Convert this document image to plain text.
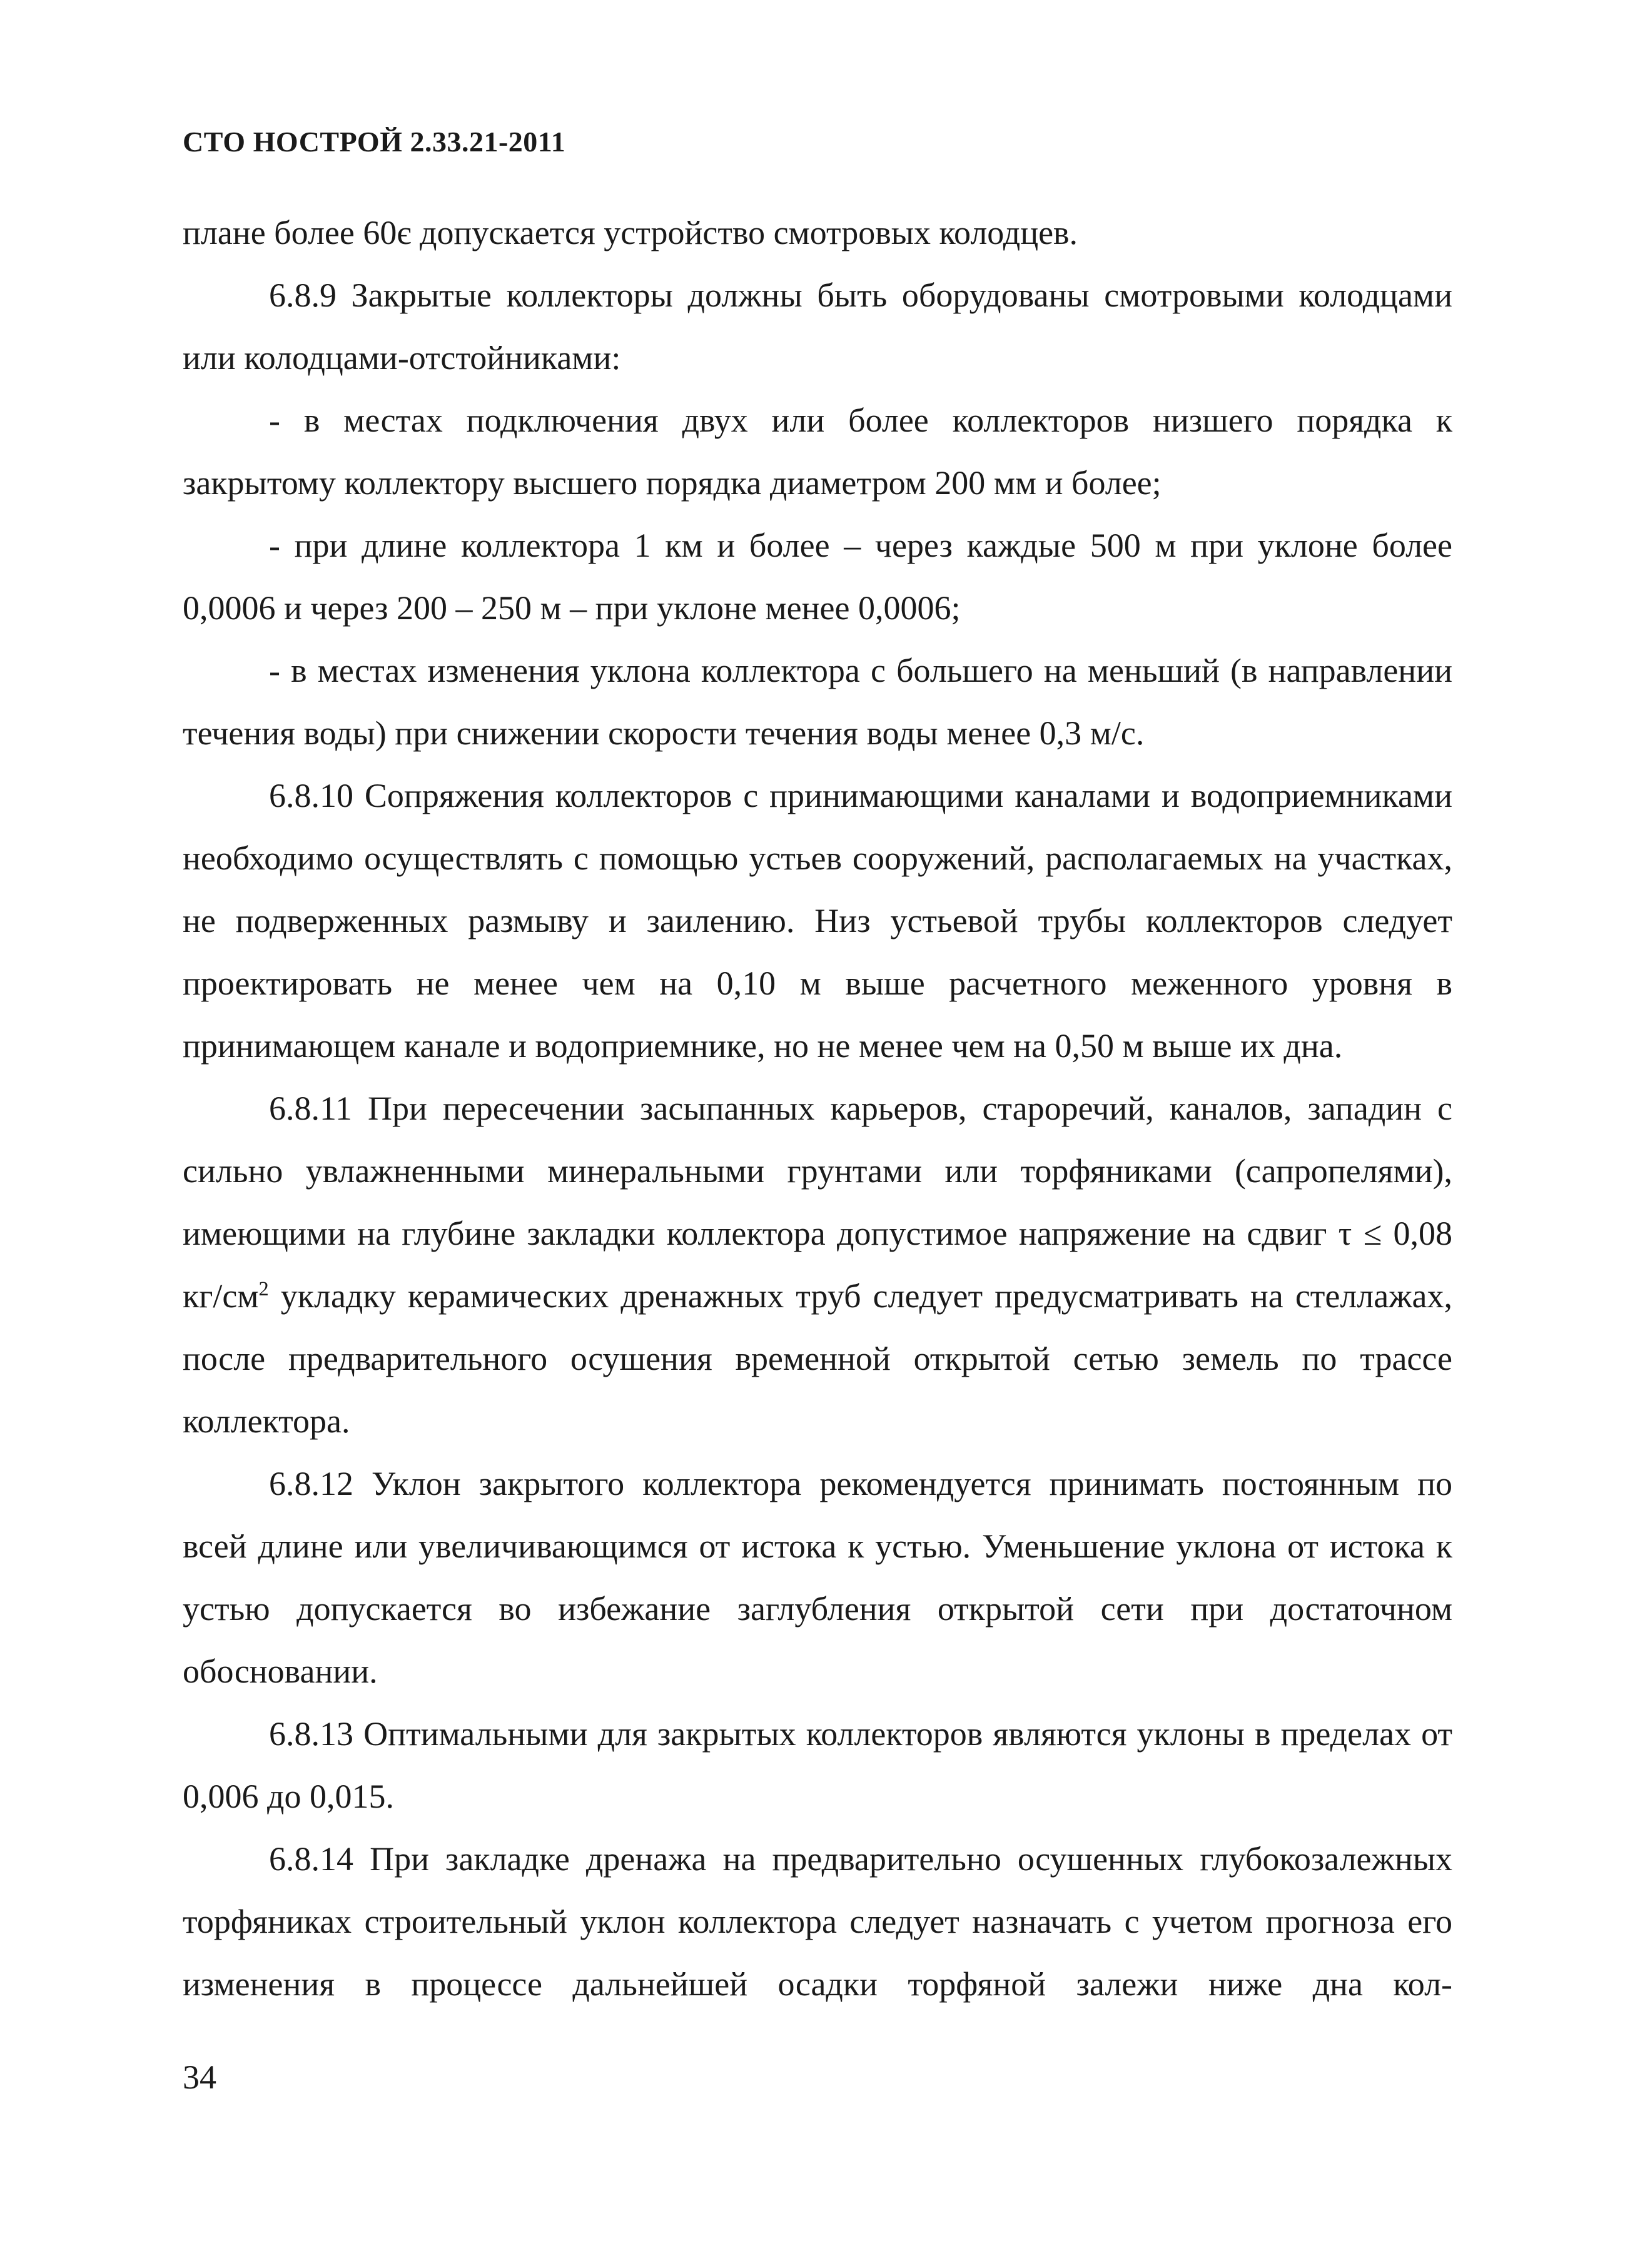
СТО НОСТРОЙ 2.33.21-2011

плане более 60є допускается устройство смотровых колодцев.

6.8.9 Закрытые коллекторы должны быть оборудованы смотровыми колодцами или колодцами-отстойниками:

- в местах подключения двух или более коллекторов низшего порядка к закрытому коллектору высшего порядка диаметром 200 мм и более;

- при длине коллектора 1 км и более – через каждые 500 м при уклоне более 0,0006 и через 200 – 250 м – при уклоне менее 0,0006;

- в местах изменения уклона коллектора с большего на меньший (в направлении течения воды) при снижении скорости течения воды менее 0,3 м/с.

6.8.10 Сопряжения коллекторов с принимающими каналами и водоприемниками необходимо осуществлять с помощью устьев сооружений, располагаемых на участках, не подверженных размыву и заилению. Низ устьевой трубы коллекторов следует проектировать не менее чем на 0,10 м выше расчетного меженного уровня в принимающем канале и водоприемнике, но не менее чем на 0,50 м выше их дна.

6.8.11 При пересечении засыпанных карьеров, староречий, каналов, западин с сильно увлажненными минеральными грунтами или торфяниками (сапропелями), имеющими на глубине закладки коллектора допустимое напряжение на сдвиг τ ≤ 0,08 $кг/см^2$ укладку керамических дренажных труб следует предусматривать на стеллажах, после предварительного осушения временной открытой сетью земель по трассе коллектора.

6.8.12 Уклон закрытого коллектора рекомендуется принимать постоянным по всей длине или увеличивающимся от истока к устью. Уменьшение уклона от истока к устью допускается во избежание заглубления открытой сети при достаточном обосновании.

6.8.13 Оптимальными для закрытых коллекторов являются уклоны в пределах от 0,006 до 0,015.

6.8.14 При закладке дренажа на предварительно осушенных глубокозалежных торфяниках строительный уклон коллектора следует назначать с учетом прогноза его изменения в процессе дальнейшей осадки торфяной залежи ниже дна кол-

34
